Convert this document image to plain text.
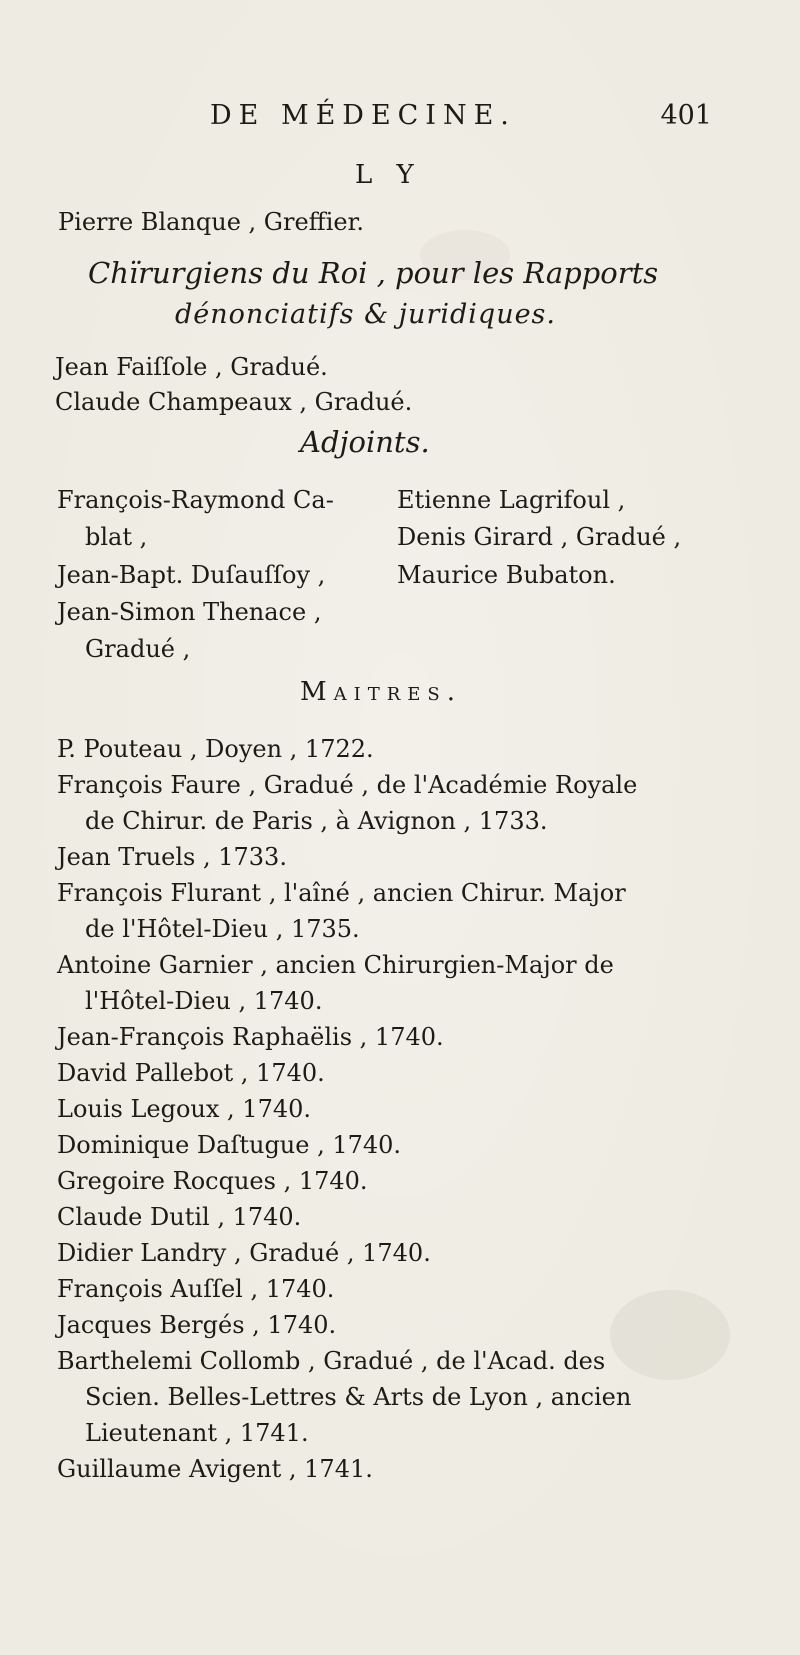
DE MÉDECINE.	401
L Y
Pierre Blanque , Greffier.
Chïrurgiens du Roi , pour les Rapports
dénonciatifs & juridiques.
Jean Faiſſole , Gradué.
Claude Champeaux , Gradué.
Adjoints.
François-Raymond Ca-
blat ,
Jean-Bapt. Duſauſſoy ,
Jean-Simon Thenace ,
Gradué ,
Etienne Lagrifoul ,
Denis Girard , Gradué ,
Maurice Bubaton.
Maitres.
P. Pouteau , Doyen , 1722.
François Faure , Gradué , de l'Académie Royale
de Chirur. de Paris , à Avignon , 1733.
Jean Truels , 1733.
François Flurant , l'aîné , ancien Chirur. Major
de l'Hôtel-Dieu , 1735.
Antoine Garnier , ancien Chirurgien-Major de
l'Hôtel-Dieu , 1740.
Jean-François Raphaëlis , 1740.
David Pallebot , 1740.
Louis Legoux , 1740.
Dominique Daſtugue , 1740.
Gregoire Rocques , 1740.
Claude Dutil , 1740.
Didier Landry , Gradué , 1740.
François Auſſel , 1740.
Jacques Bergés , 1740.
Barthelemi Collomb , Gradué , de l'Acad. des
Scien. Belles-Lettres & Arts de Lyon , ancien
Lieutenant , 1741.
Guillaume Avigent , 1741.
